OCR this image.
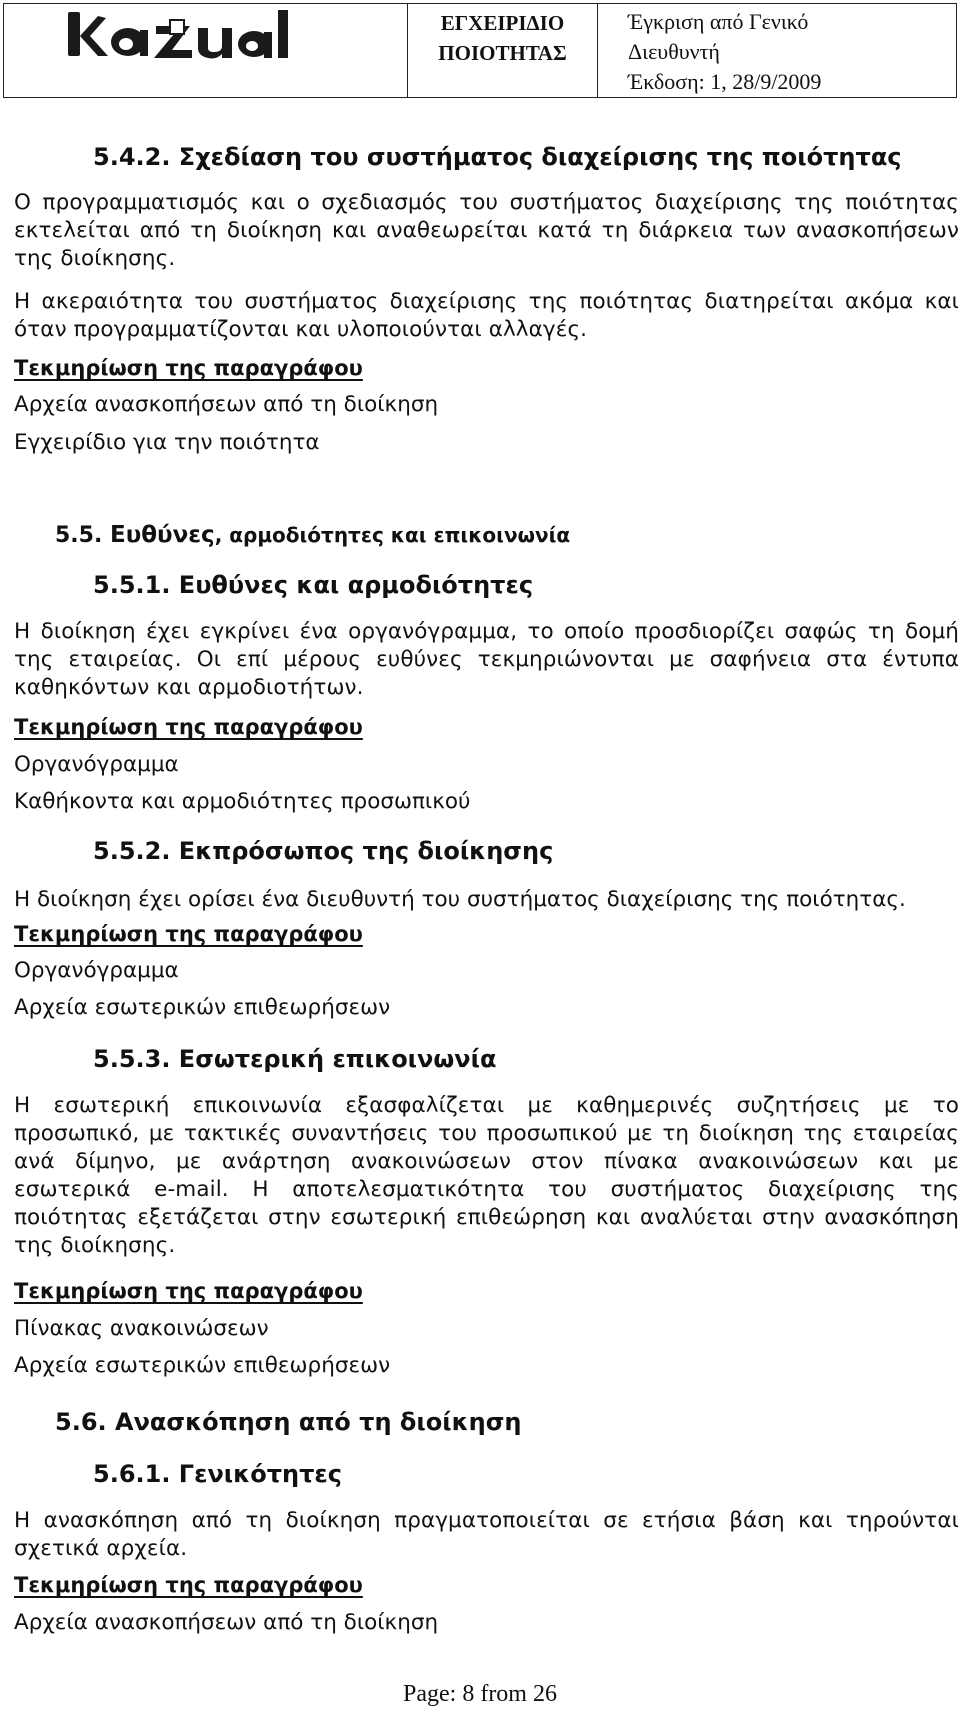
ΕΓΧΕΙΡΙΔΙΟ
ΠΟΙΟΤΗΤΑΣ
Έγκριση από Γενικό
Διευθυντή
Έκδοση: 1, 28/9/2009
5.4.2. Σχεδίαση του συστήματος διαχείρισης της ποιότητας
Ο προγραμματισμός και ο σχεδιασμός του συστήματος διαχείρισης της ποιότητας εκτελείται από τη διοίκηση και αναθεωρείται κατά τη διάρκεια των ανασκοπήσεων της διοίκησης.
Η ακεραιότητα του συστήματος διαχείρισης της ποιότητας διατηρείται ακόμα και όταν προγραμματίζονται και υλοποιούνται αλλαγές.
Τεκμηρίωση της παραγράφου
Αρχεία ανασκοπήσεων από τη διοίκηση
Εγχειρίδιο για την ποιότητα
5.5. Ευθύνες, αρμοδιότητες και επικοινωνία
5.5.1. Ευθύνες και αρμοδιότητες
Η διοίκηση έχει εγκρίνει ένα οργανόγραμμα, το οποίο προσδιορίζει σαφώς τη δομή της εταιρείας. Οι επί μέρους ευθύνες τεκμηριώνονται με σαφήνεια στα έντυπα καθηκόντων και αρμοδιοτήτων.
Τεκμηρίωση της παραγράφου
Οργανόγραμμα
Καθήκοντα και αρμοδιότητες προσωπικού
5.5.2. Εκπρόσωπος της διοίκησης
Η διοίκηση έχει ορίσει ένα διευθυντή του συστήματος διαχείρισης της ποιότητας.
Τεκμηρίωση της παραγράφου
Οργανόγραμμα
Αρχεία εσωτερικών επιθεωρήσεων
5.5.3. Εσωτερική επικοινωνία
Η εσωτερική επικοινωνία εξασφαλίζεται με καθημερινές συζητήσεις με το προσωπικό, με τακτικές συναντήσεις του προσωπικού με τη διοίκηση της εταιρείας ανά δίμηνο, με ανάρτηση ανακοινώσεων στον πίνακα ανακοινώσεων και με εσωτερικά e-mail. Η αποτελεσματικότητα του συστήματος διαχείρισης της ποιότητας εξετάζεται στην εσωτερική επιθεώρηση και αναλύεται στην ανασκόπηση της διοίκησης.
Τεκμηρίωση της παραγράφου
Πίνακας ανακοινώσεων
Αρχεία εσωτερικών επιθεωρήσεων
5.6. Ανασκόπηση από τη διοίκηση
5.6.1. Γενικότητες
Η ανασκόπηση από τη διοίκηση πραγματοποιείται σε ετήσια βάση και τηρούνται σχετικά αρχεία.
Τεκμηρίωση της παραγράφου
Αρχεία ανασκοπήσεων από τη διοίκηση
Page: 8 from 26
